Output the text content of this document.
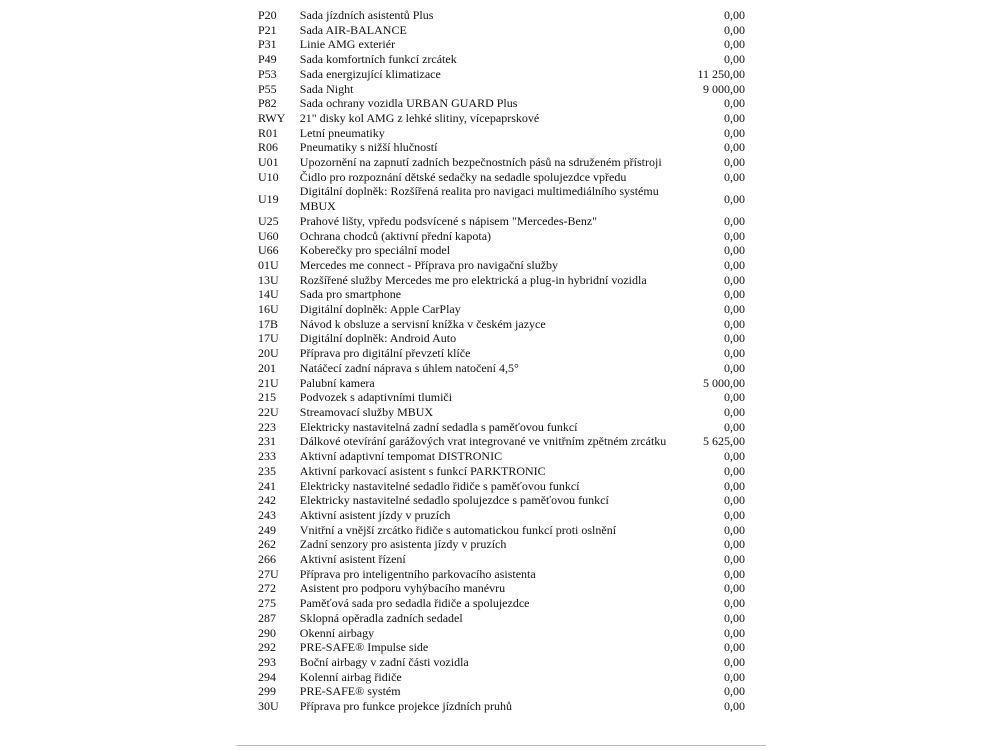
P20	Sada jízdních asistentů Plus	0,00
P21	Sada AIR-BALANCE	0,00
P31	Linie AMG exteriér	0,00
P49	Sada komfortních funkcí zrcátek	0,00
P53	Sada energizující klimatizace	11 250,00
P55	Sada Night	9 000,00
P82	Sada ochrany vozidla URBAN GUARD Plus	0,00
RWY	21" disky kol AMG z lehké slitiny, vícepaprskové	0,00
R01	Letní pneumatiky	0,00
R06	Pneumatiky s nižší hlučností	0,00
U01	Upozornění na zapnutí zadních bezpečnostních pásů na sdruženém přístroji	0,00
U10	Čidlo pro rozpoznání dětské sedačky na sedadle spolujezdce vpředu	0,00
U19	Digitální doplněk: Rozšířená realita pro navigaci multimediálního systému MBUX	0,00
U25	Prahové lišty, vpředu podsvícené s nápisem "Mercedes-Benz"	0,00
U60	Ochrana chodců (aktivní přední kapota)	0,00
U66	Koberečky pro speciální model	0,00
01U	Mercedes me connect - Příprava pro navigační služby	0,00
13U	Rozšířené služby Mercedes me pro elektrická a plug-in hybridní vozidla	0,00
14U	Sada pro smartphone	0,00
16U	Digitální doplněk: Apple CarPlay	0,00
17B	Návod k obsluze a servisní knížka v českém jazyce	0,00
17U	Digitální doplněk: Android Auto	0,00
20U	Příprava pro digitální převzetí klíče	0,00
201	Natáčecí zadní náprava s úhlem natočení 4,5°	0,00
21U	Palubní kamera	5 000,00
215	Podvozek s adaptivními tlumiči	0,00
22U	Streamovací služby MBUX	0,00
223	Elektricky nastavitelná zadní sedadla s paměťovou funkcí	0,00
231	Dálkové otevírání garážových vrat integrované ve vnitřním zpětném zrcátku	5 625,00
233	Aktivní adaptivní tempomat DISTRONIC	0,00
235	Aktivní parkovací asistent s funkcí PARKTRONIC	0,00
241	Elektricky nastavitelné sedadlo řidiče s paměťovou funkcí	0,00
242	Elektricky nastavitelné sedadlo spolujezdce s paměťovou funkcí	0,00
243	Aktivní asistent jízdy v pruzích	0,00
249	Vnitřní a vnější zrcátko řidiče s automatickou funkcí proti oslnění	0,00
262	Zadní senzory pro asistenta jízdy v pruzích	0,00
266	Aktivní asistent řízení	0,00
27U	Příprava pro inteligentního parkovacího asistenta	0,00
272	Asistent pro podporu vyhýbacího manévru	0,00
275	Paměťová sada pro sedadla řidiče a spolujezdce	0,00
287	Sklopná opěradla zadních sedadel	0,00
290	Okenní airbagy	0,00
292	PRE-SAFE® Impulse side	0,00
293	Boční airbagy v zadní části vozidla	0,00
294	Kolenní airbag řidiče	0,00
299	PRE-SAFE® systém	0,00
30U	Příprava pro funkce projekce jízdních pruhů	0,00
